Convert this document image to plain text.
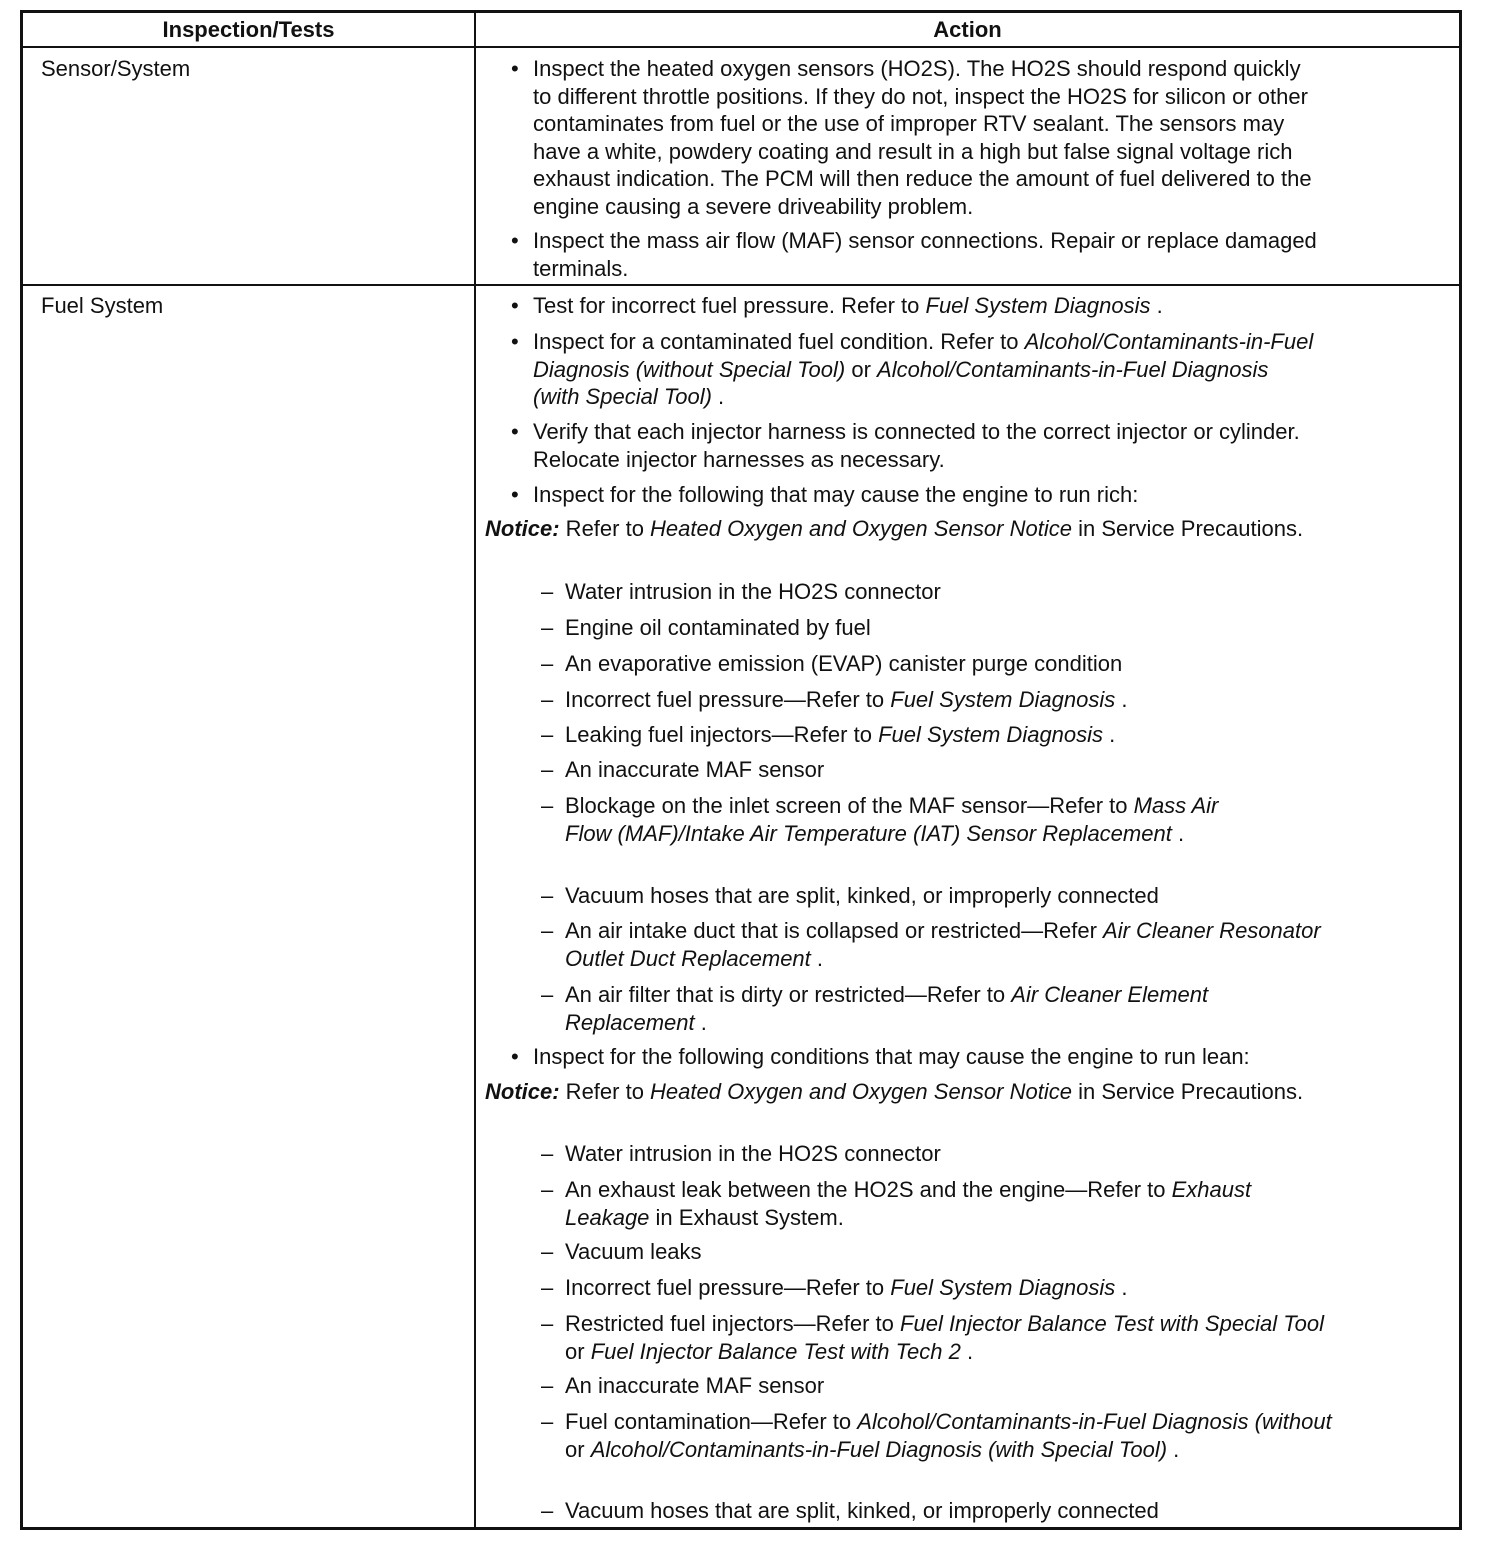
Inspection/Tests	Action
Sensor/System
Fuel System
• Inspect the heated oxygen sensors (HO2S). The HO2S should respond quickly
to different throttle positions. If they do not, inspect the HO2S for silicon or other
contaminates from fuel or the use of improper RTV sealant. The sensors may
have a white, powdery coating and result in a high but false signal voltage rich
exhaust indication. The PCM will then reduce the amount of fuel delivered to the
engine causing a severe driveability problem.
• Inspect the mass air flow (MAF) sensor connections. Repair or replace damaged
terminals.
• Test for incorrect fuel pressure. Refer to Fuel System Diagnosis .
• Inspect for a contaminated fuel condition. Refer to Alcohol/Contaminants-in-Fuel
Diagnosis (without Special Tool) or Alcohol/Contaminants-in-Fuel Diagnosis
(with Special Tool) .
• Verify that each injector harness is connected to the correct injector or cylinder.
Relocate injector harnesses as necessary.
• Inspect for the following that may cause the engine to run rich:
Notice: Refer to Heated Oxygen and Oxygen Sensor Notice in Service Precautions.
– Water intrusion in the HO2S connector
– Engine oil contaminated by fuel
– An evaporative emission (EVAP) canister purge condition
– Incorrect fuel pressure—Refer to Fuel System Diagnosis .
– Leaking fuel injectors—Refer to Fuel System Diagnosis .
– An inaccurate MAF sensor
– Blockage on the inlet screen of the MAF sensor—Refer to Mass Air
Flow (MAF)/Intake Air Temperature (IAT) Sensor Replacement .
– Vacuum hoses that are split, kinked, or improperly connected
– An air intake duct that is collapsed or restricted—Refer Air Cleaner Resonator
Outlet Duct Replacement .
– An air filter that is dirty or restricted—Refer to Air Cleaner Element
Replacement .
• Inspect for the following conditions that may cause the engine to run lean:
Notice: Refer to Heated Oxygen and Oxygen Sensor Notice in Service Precautions.
– Water intrusion in the HO2S connector
– An exhaust leak between the HO2S and the engine—Refer to Exhaust
Leakage in Exhaust System.
– Vacuum leaks
– Incorrect fuel pressure—Refer to Fuel System Diagnosis .
– Restricted fuel injectors—Refer to Fuel Injector Balance Test with Special Tool
or Fuel Injector Balance Test with Tech 2 .
– An inaccurate MAF sensor
– Fuel contamination—Refer to Alcohol/Contaminants-in-Fuel Diagnosis (without
or Alcohol/Contaminants-in-Fuel Diagnosis (with Special Tool) .
– Vacuum hoses that are split, kinked, or improperly connected
